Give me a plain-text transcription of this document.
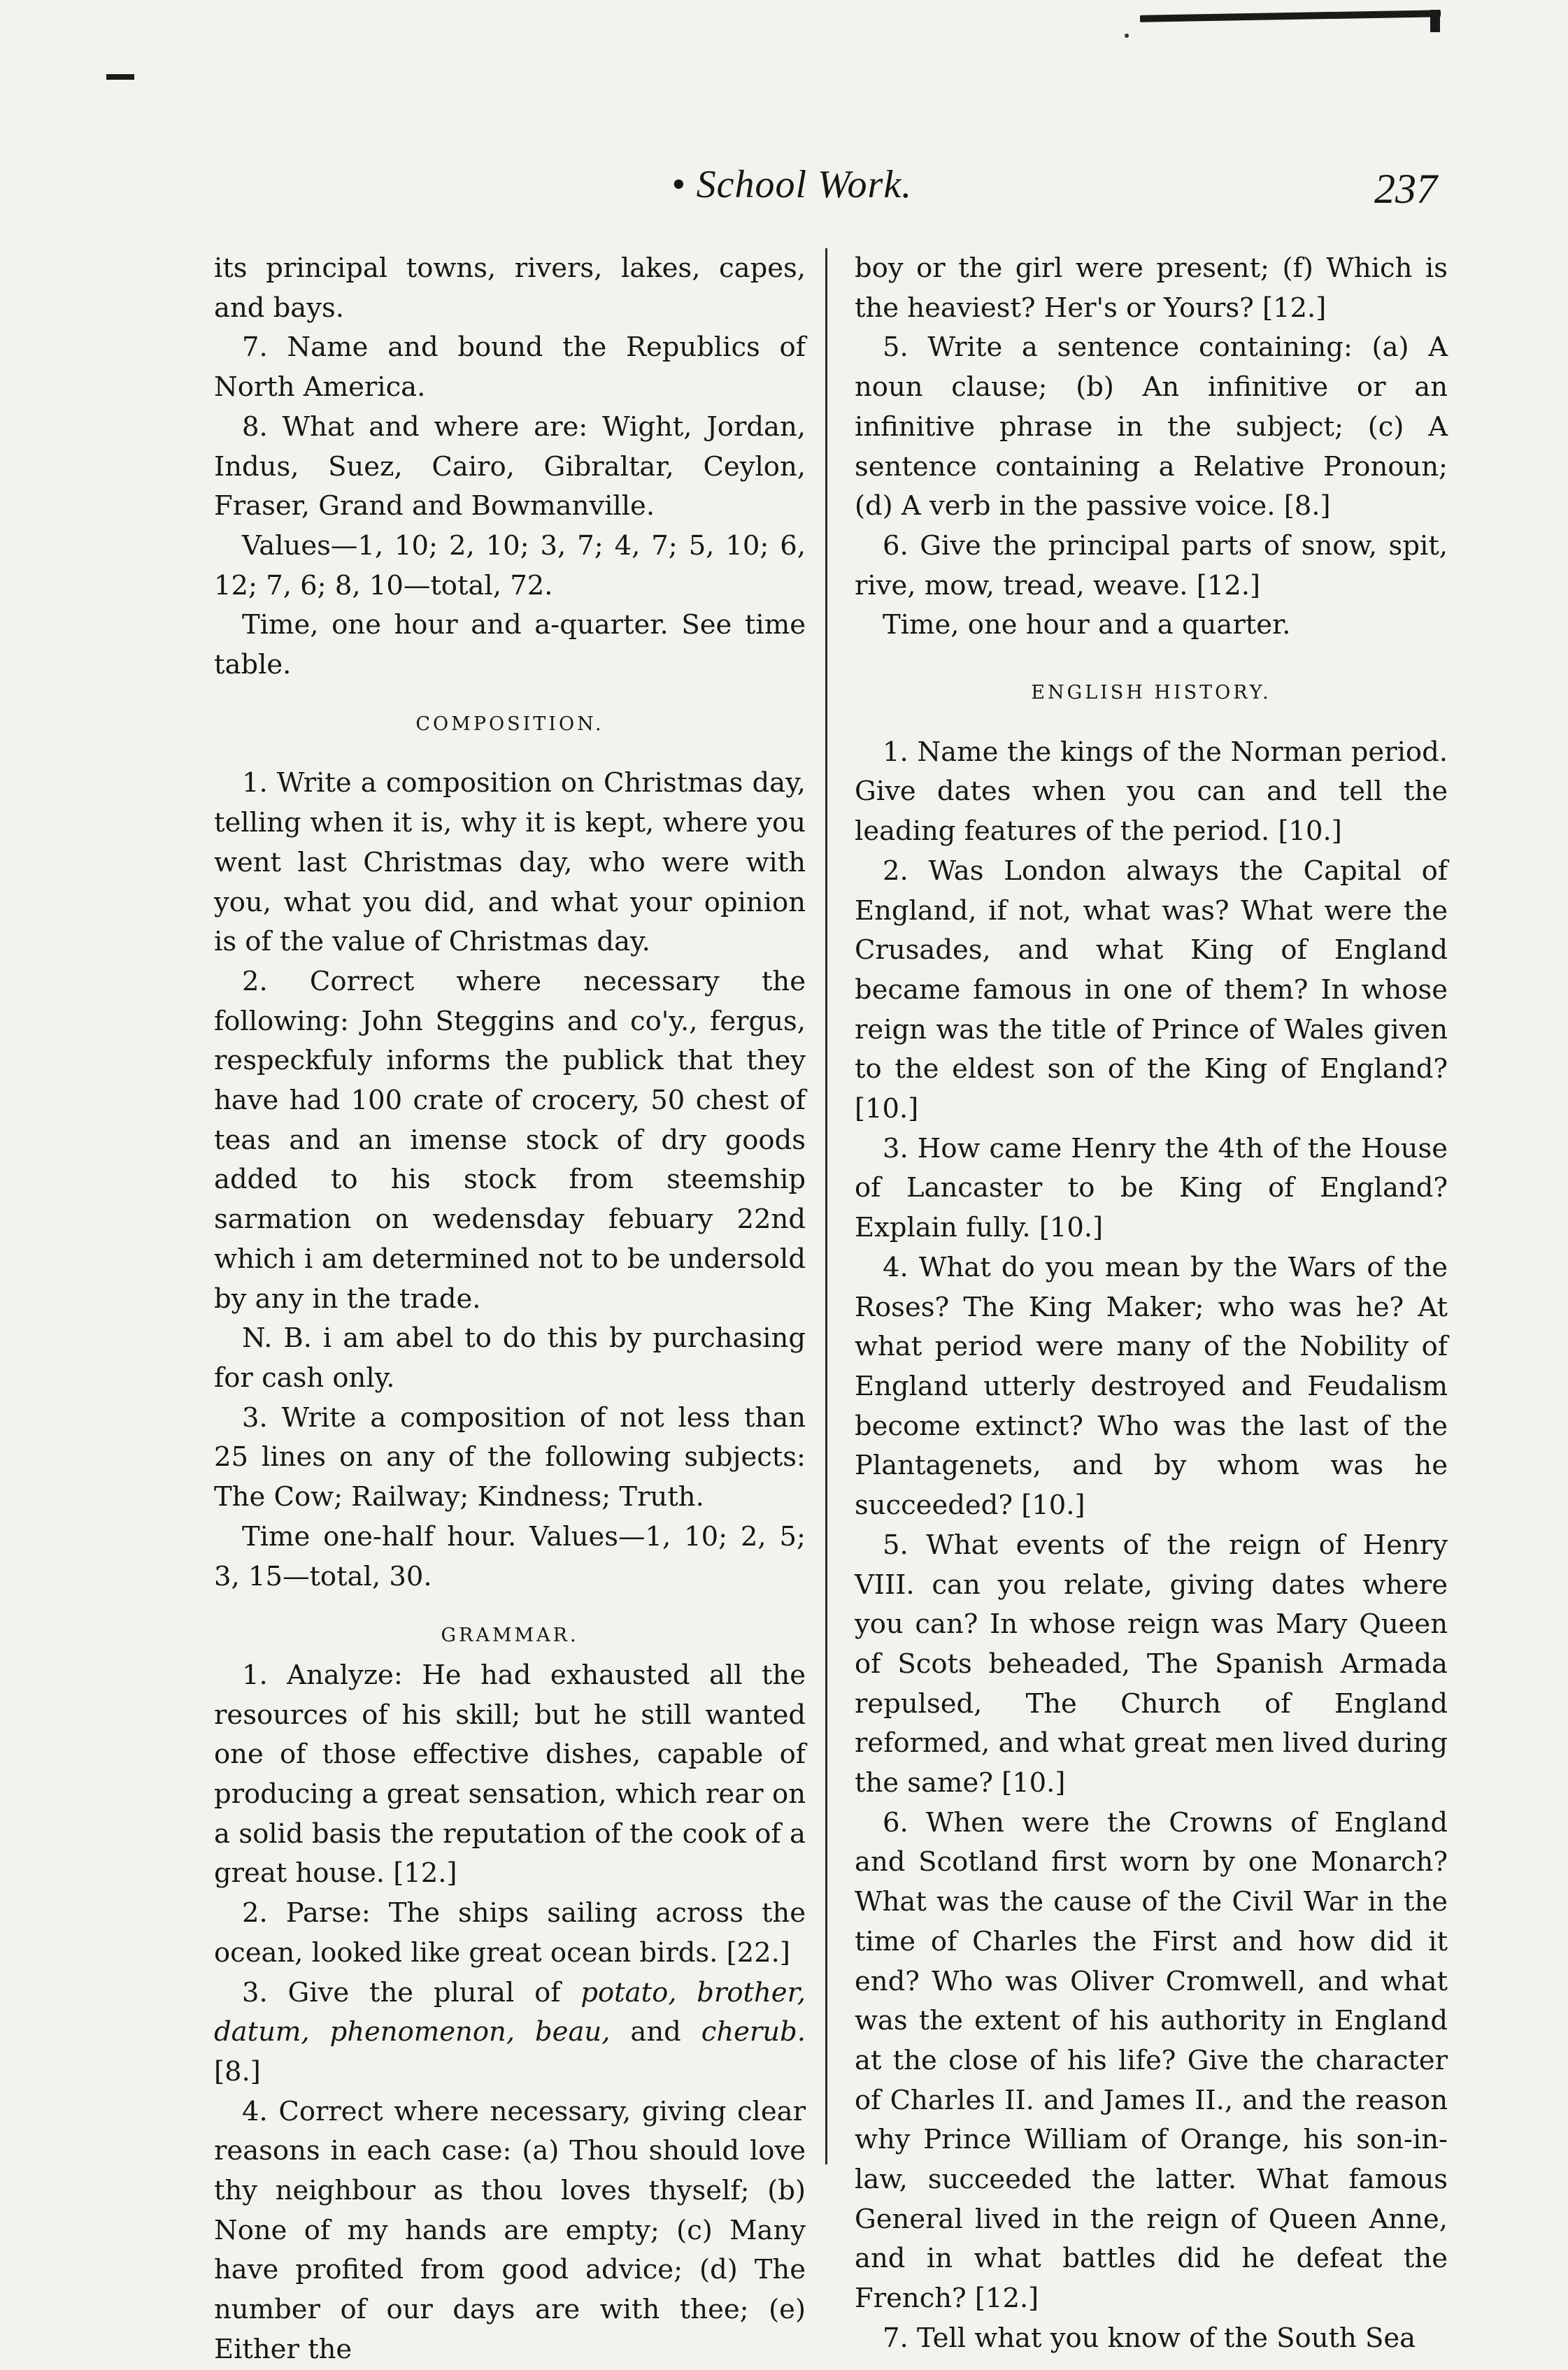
• School Work.	237

its principal towns, rivers, lakes, capes, and bays.

7. Name and bound the Republics of North America.

8. What and where are: Wight, Jordan, Indus, Suez, Cairo, Gibraltar, Ceylon, Fraser, Grand and Bowmanville.

Values—1, 10; 2, 10; 3, 7; 4, 7; 5, 10; 6, 12; 7, 6; 8, 10—total, 72.

Time, one hour and a-quarter. See time table.

COMPOSITION.

1. Write a composition on Christmas day, telling when it is, why it is kept, where you went last Christmas day, who were with you, what you did, and what your opinion is of the value of Christmas day.

2. Correct where necessary the following: John Steggins and co'y., fergus, respeckfuly informs the publick that they have had 100 crate of crocery, 50 chest of teas and an imense stock of dry goods added to his stock from steemship sarmation on wedensday febuary 22nd which i am determined not to be undersold by any in the trade.

N. B. i am abel to do this by purchasing for cash only.

3. Write a composition of not less than 25 lines on any of the following subjects: The Cow; Railway; Kindness; Truth.

Time one-half hour. Values—1, 10; 2, 5; 3, 15—total, 30.

GRAMMAR.

1. Analyze: He had exhausted all the resources of his skill; but he still wanted one of those effective dishes, capable of producing a great sensation, which rear on a solid basis the reputation of the cook of a great house. [12.]

2. Parse: The ships sailing across the ocean, looked like great ocean birds. [22.]

3. Give the plural of potato, brother, datum, phenomenon, beau, and cherub. [8.]

4. Correct where necessary, giving clear reasons in each case: (a) Thou should love thy neighbour as thou loves thyself; (b) None of my hands are empty; (c) Many have profited from good advice; (d) The number of our days are with thee; (e) Either the

boy or the girl were present; (f) Which is the heaviest? Her's or Yours? [12.]

5. Write a sentence containing: (a) A noun clause; (b) An infinitive or an infinitive phrase in the subject; (c) A sentence containing a Relative Pronoun; (d) A verb in the passive voice. [8.]

6. Give the principal parts of snow, spit, rive, mow, tread, weave. [12.]

Time, one hour and a quarter.

ENGLISH HISTORY.

1. Name the kings of the Norman period. Give dates when you can and tell the leading features of the period. [10.]

2. Was London always the Capital of England, if not, what was? What were the Crusades, and what King of England became famous in one of them? In whose reign was the title of Prince of Wales given to the eldest son of the King of England? [10.]

3. How came Henry the 4th of the House of Lancaster to be King of England? Explain fully. [10.]

4. What do you mean by the Wars of the Roses? The King Maker; who was he? At what period were many of the Nobility of England utterly destroyed and Feudalism become extinct? Who was the last of the Plantagenets, and by whom was he succeeded? [10.]

5. What events of the reign of Henry VIII. can you relate, giving dates where you can? In whose reign was Mary Queen of Scots beheaded, The Spanish Armada repulsed, The Church of England reformed, and what great men lived during the same? [10.]

6. When were the Crowns of England and Scotland first worn by one Monarch? What was the cause of the Civil War in the time of Charles the First and how did it end? Who was Oliver Cromwell, and what was the extent of his authority in England at the close of his life? Give the character of Charles II. and James II., and the reason why Prince William of Orange, his son-in-law, succeeded the latter. What famous General lived in the reign of Queen Anne, and in what battles did he defeat the French? [12.]

7. Tell what you know of the South Sea
